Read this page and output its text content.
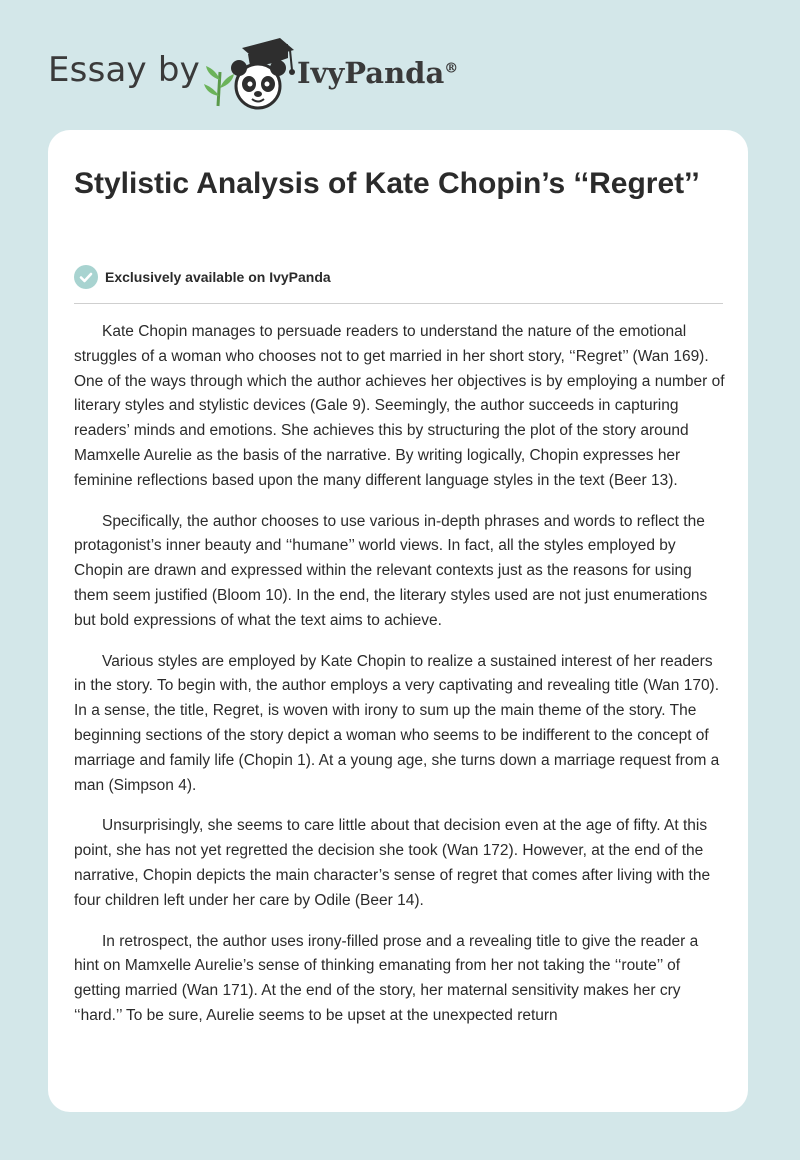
Essay by	IvyPanda®
Stylistic Analysis of Kate Chopin’s ‘‘Regret’’
Exclusively available on IvyPanda

Kate Chopin manages to persuade readers to understand the nature of the emotional struggles of a woman who chooses not to get married in her short story, ‘‘Regret’’ (Wan 169). One of the ways through which the author achieves her objectives is by employing a number of literary styles and stylistic devices (Gale 9). Seemingly, the author succeeds in capturing readers’ minds and emotions. She achieves this by structuring the plot of the story around Mamxelle Aurelie as the basis of the narrative. By writing logically, Chopin expresses her feminine reflections based upon the many different language styles in the text (Beer 13).

Specifically, the author chooses to use various in-depth phrases and words to reflect the protagonist’s inner beauty and ‘‘humane’’ world views. In fact, all the styles employed by Chopin are drawn and expressed within the relevant contexts just as the reasons for using them seem justified (Bloom 10). In the end, the literary styles used are not just enumerations but bold expressions of what the text aims to achieve.

Various styles are employed by Kate Chopin to realize a sustained interest of her readers in the story. To begin with, the author employs a very captivating and revealing title (Wan 170). In a sense, the title, Regret, is woven with irony to sum up the main theme of the story. The beginning sections of the story depict a woman who seems to be indifferent to the concept of marriage and family life (Chopin 1). At a young age, she turns down a marriage request from a man (Simpson 4).

Unsurprisingly, she seems to care little about that decision even at the age of fifty. At this point, she has not yet regretted the decision she took (Wan 172). However, at the end of the narrative, Chopin depicts the main character’s sense of regret that comes after living with the four children left under her care by Odile (Beer 14).

In retrospect, the author uses irony-filled prose and a revealing title to give the reader a hint on Mamxelle Aurelie’s sense of thinking emanating from her not taking the ‘‘route’’ of getting married (Wan 171). At the end of the story, her maternal sensitivity makes her cry ‘‘hard.’’ To be sure, Aurelie seems to be upset at the unexpected return
